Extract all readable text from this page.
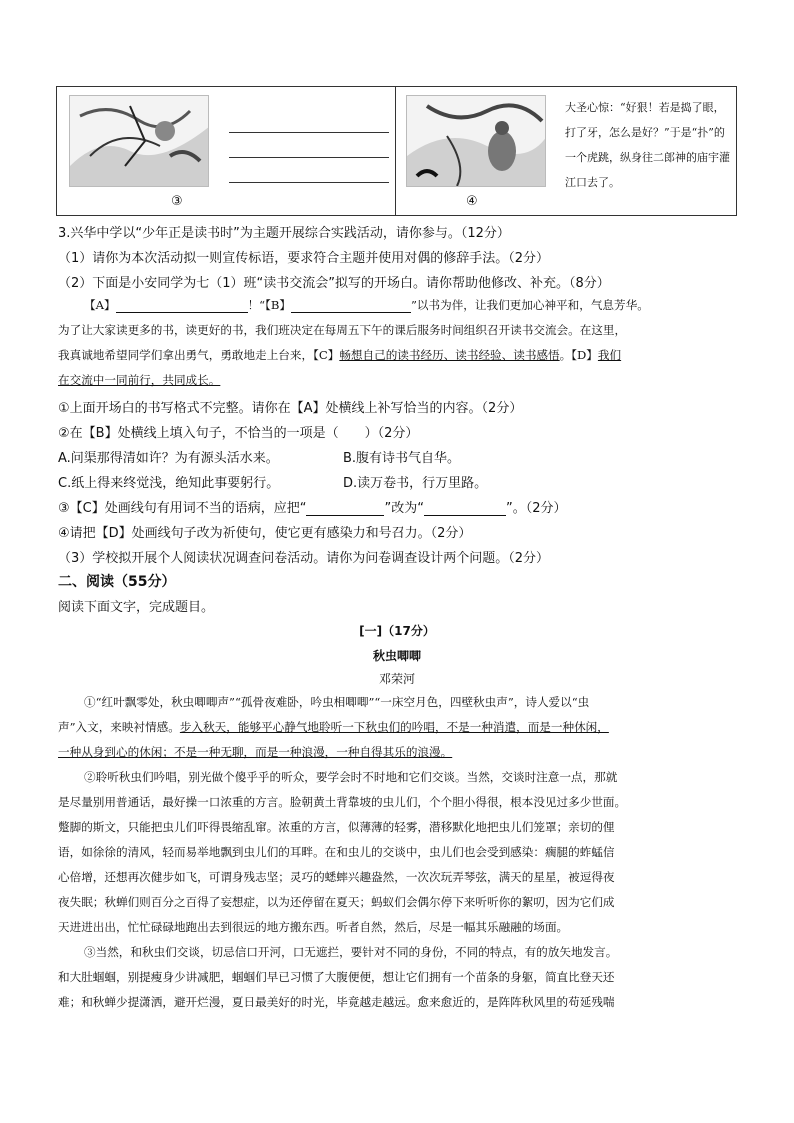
③	④
大圣心惊：“好狠！若是捣了眼，打了牙，怎么是好？”于是“扑”的一个虎跳，纵身往二郎神的庙宇灌江口去了。
3.兴华中学以“少年正是读书时”为主题开展综合实践活动，请你参与。（12分）
（1）请你为本次活动拟一则宣传标语，要求符合主题并使用对偶的修辞手法。（2分）
（2）下面是小安同学为七（1）班“读书交流会”拟写的开场白。请你帮助他修改、补充。（8分）
【A】	！“【B】	”以书为伴，让我们更加心神平和，气息芳华。
为了让大家读更多的书，读更好的书，我们班决定在每周五下午的课后服务时间组织召开读书交流会。在这里，
我真诚地希望同学们拿出勇气，勇敢地走上台来，【C】畅想自己的读书经历、读书经验、读书感悟。【D】我们
在交流中一同前行，共同成长。
①上面开场白的书写格式不完整。请你在【A】处横线上补写恰当的内容。（2分）
②在【B】处横线上填入句子，不恰当的一项是（　　）（2分）
A.问渠那得清如许？为有源头活水来。	B.腹有诗书气自华。
C.纸上得来终觉浅，绝知此事要躬行。	D.读万卷书，行万里路。
③【C】处画线句有用词不当的语病，应把“	”改为“	”。（2分）
④请把【D】处画线句子改为祈使句，使它更有感染力和号召力。（2分）
（3）学校拟开展个人阅读状况调查问卷活动。请你为问卷调查设计两个问题。（2分）
二、阅读（55分）
阅读下面文字，完成题目。
[一]（17分）
秋虫唧唧
邓荣河
①“红叶飘零处，秋虫唧唧声”“孤骨夜难卧，吟虫相唧唧”“一床空月色，四壁秋虫声”，诗人爱以“虫
声”入文，来映衬情感。步入秋天，能够平心静气地聆听一下秋虫们的吟唱，不是一种消遣，而是一种休闲，
一种从身到心的休闲；不是一种无聊，而是一种浪漫，一种自得其乐的浪漫。
②聆听秋虫们吟唱，别光做个傻乎乎的听众，要学会时不时地和它们交谈。当然，交谈时注意一点，那就
是尽量别用普通话，最好操一口浓重的方言。脸朝黄土背靠坡的虫儿们，个个胆小得很，根本没见过多少世面。
蹩脚的斯文，只能把虫儿们吓得畏缩乱窜。浓重的方言，似薄薄的轻雾，潜移默化地把虫儿们笼罩；亲切的俚
语，如徐徐的清风，轻而易举地飘到虫儿们的耳畔。在和虫儿的交谈中，虫儿们也会受到感染：瘸腿的蚱蜢信
心倍增，还想再次健步如飞，可谓身残志坚；灵巧的蟋蟀兴趣盎然，一次次玩弄琴弦，满天的星星，被逗得夜
夜失眠；秋蝉们则百分之百得了妄想症，以为还停留在夏天；蚂蚁们会偶尔停下来听听你的絮叨，因为它们成
天进进出出，忙忙碌碌地跑出去到很远的地方搬东西。听者自然，然后，尽是一幅其乐融融的场面。
③当然，和秋虫们交谈，切忌信口开河，口无遮拦，要针对不同的身份，不同的特点，有的放矢地发言。
和大肚蝈蝈，别提瘦身少讲减肥，蝈蝈们早已习惯了大腹便便，想让它们拥有一个苗条的身躯，简直比登天还
难；和秋蝉少提潇洒，避开烂漫，夏日最美好的时光，毕竟越走越远。愈来愈近的，是阵阵秋风里的苟延残喘
